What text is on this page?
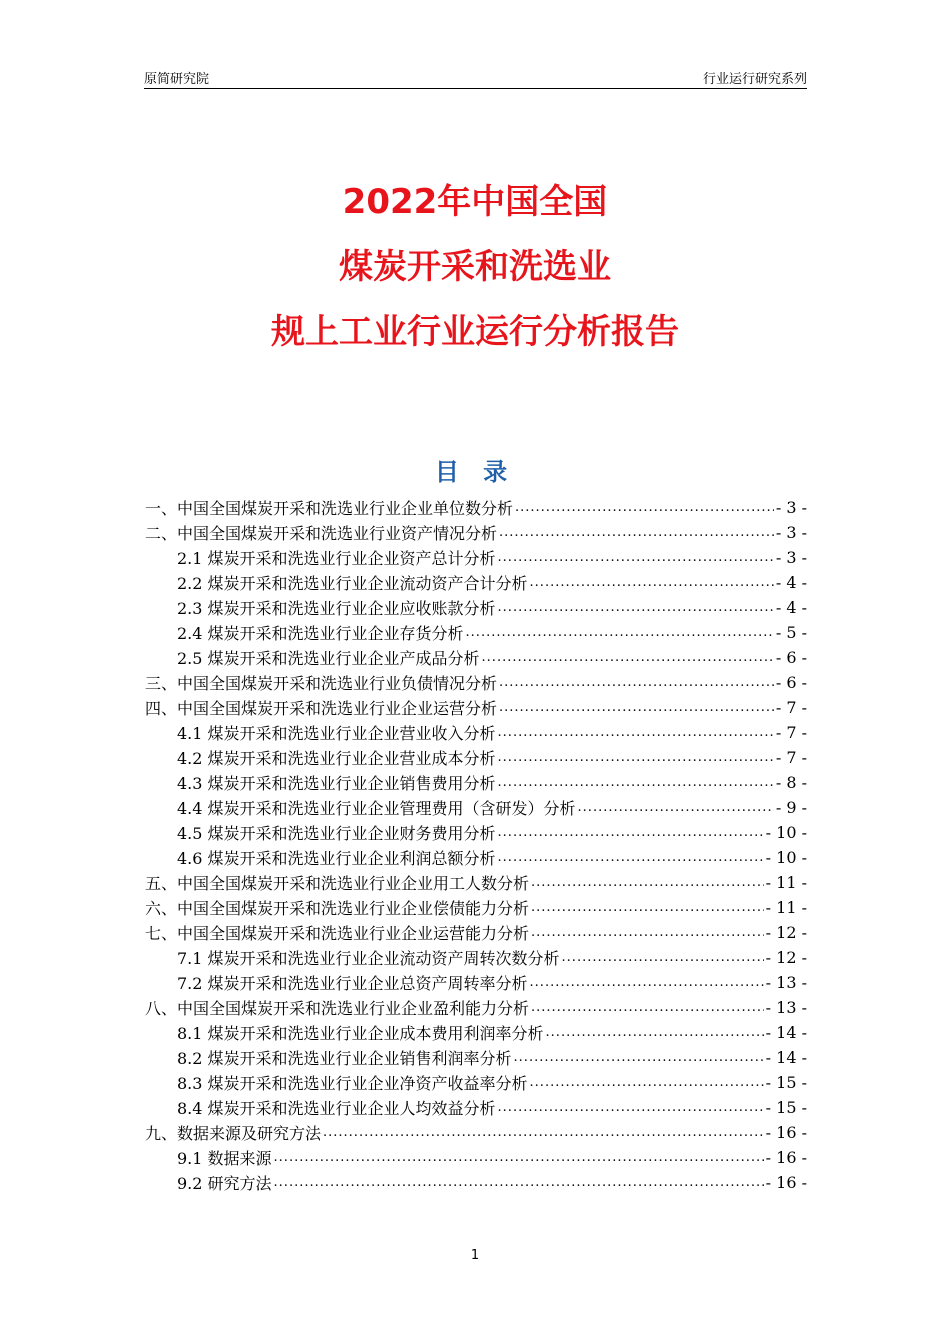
原简研究院	行业运行研究系列
2022年中国全国
煤炭开采和洗选业
规上工业行业运行分析报告
目 录
一、中国全国煤炭开采和洗选业行业企业单位数分析 .....	- 3 -
二、中国全国煤炭开采和洗选业行业资产情况分析 .....	- 3 -
2.1 煤炭开采和洗选业行业企业资产总计分析 .....	- 3 -
2.2 煤炭开采和洗选业行业企业流动资产合计分析 .....	- 4 -
2.3 煤炭开采和洗选业行业企业应收账款分析 .....	- 4 -
2.4 煤炭开采和洗选业行业企业存货分析 .....	- 5 -
2.5 煤炭开采和洗选业行业企业产成品分析 .....	- 6 -
三、中国全国煤炭开采和洗选业行业负债情况分析 .....	- 6 -
四、中国全国煤炭开采和洗选业行业企业运营分析 .....	- 7 -
4.1 煤炭开采和洗选业行业企业营业收入分析 .....	- 7 -
4.2 煤炭开采和洗选业行业企业营业成本分析 .....	- 7 -
4.3 煤炭开采和洗选业行业企业销售费用分析 .....	- 8 -
4.4 煤炭开采和洗选业行业企业管理费用（含研发）分析 .....	- 9 -
4.5 煤炭开采和洗选业行业企业财务费用分析 .....	- 10 -
4.6 煤炭开采和洗选业行业企业利润总额分析 .....	- 10 -
五、中国全国煤炭开采和洗选业行业企业用工人数分析 .....	- 11 -
六、中国全国煤炭开采和洗选业行业企业偿债能力分析 .....	- 11 -
七、中国全国煤炭开采和洗选业行业企业运营能力分析 .....	- 12 -
7.1 煤炭开采和洗选业行业企业流动资产周转次数分析 .....	- 12 -
7.2 煤炭开采和洗选业行业企业总资产周转率分析 .....	- 13 -
八、中国全国煤炭开采和洗选业行业企业盈利能力分析 .....	- 13 -
8.1 煤炭开采和洗选业行业企业成本费用利润率分析 .....	- 14 -
8.2 煤炭开采和洗选业行业企业销售利润率分析 .....	- 14 -
8.3 煤炭开采和洗选业行业企业净资产收益率分析 .....	- 15 -
8.4 煤炭开采和洗选业行业企业人均效益分析 .....	- 15 -
九、数据来源及研究方法 .....	- 16 -
9.1 数据来源 .....	- 16 -
9.2 研究方法 .....	- 16 -
1
